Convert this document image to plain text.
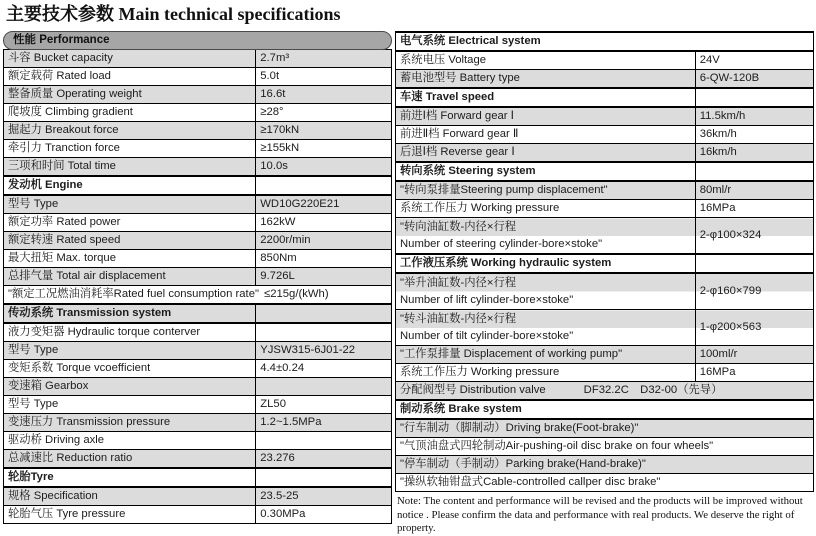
主要技术参数 Main technical specifications
性能 Performance
斗容 Bucket capacity	2.7m³
额定载荷 Rated load	5.0t
整备质量 Operating weight	16.6t
爬坡度 Climbing gradient	≥28°
掘起力 Breakout force	≥170kN
牵引力 Tranction force	≥155kN
三项和时间 Total time	10.0s
发动机 Engine	
型号 Type	WD10G220E21
额定功率 Rated power	162kW
额定转速 Rated speed	2200r/min
最大扭矩 Max. torque	850Nm
总排气量 Total air displacement	9.726L
"额定工况燃油消耗率Rated fuel consumption rate" ≤215g/(kWh)	
传动系统 Transmission system	
液力变矩器 Hydraulic torque conterver	
型号 Type	YJSW315-6J01-22
变矩系数 Torque vcoefficient	4.4±0.24
变速箱 Gearbox	
型号 Type	ZL50
变速压力 Transmission pressure	1.2~1.5MPa
驱动桥 Driving axle	
总减速比 Reduction ratio	23.276
轮胎Tyre	
规格 Specification	23.5-25
轮胎气压 Tyre pressure	0.30MPa
电气系统 Electrical system	
系统电压 Voltage	24V
蓄电池型号 Battery type	6-QW-120B
车速 Travel speed	
前进Ⅰ档 Forward gear Ⅰ	11.5km/h
前进Ⅱ档 Forward gear Ⅱ	36km/h
后退Ⅰ档 Reverse gear Ⅰ	16km/h
转向系统 Steering system	
"转向泵排量Steering pump displacement"	80ml/r
系统工作压力 Working pressure	16MPa

"转向油缸数-内径×行程
Number of steering cylinder-bore×stoke"	2-φ100×324
工作液压系统 Working hydraulic system	

"举升油缸数-内径×行程
Number of lift cylinder-bore×stoke"	2-φ160×799

"转斗油缸数-内径×行程
Number of tilt cylinder-bore×stoke"	1-φ200×563
"工作泵排量 Displacement of working pump"	100ml/r
系统工作压力 Working pressure	16MPa
分配阀型号 Distribution valve DF32.2C　D32-00（先导）	
制动系统 Brake system	
"行车制动（脚制动）Driving brake(Foot-brake)"	
"气顶油盘式四轮制动Air-pushing-oil disc brake on four wheels"	
"停车制动（手制动）Parking brake(Hand-brake)"	
"操纵软轴钳盘式Cable-controlled callper disc brake"	

Note: The content and performance will be revised and the products will be improved without notice . Please confirm the data and performance with real products. We deserve the right of property.
